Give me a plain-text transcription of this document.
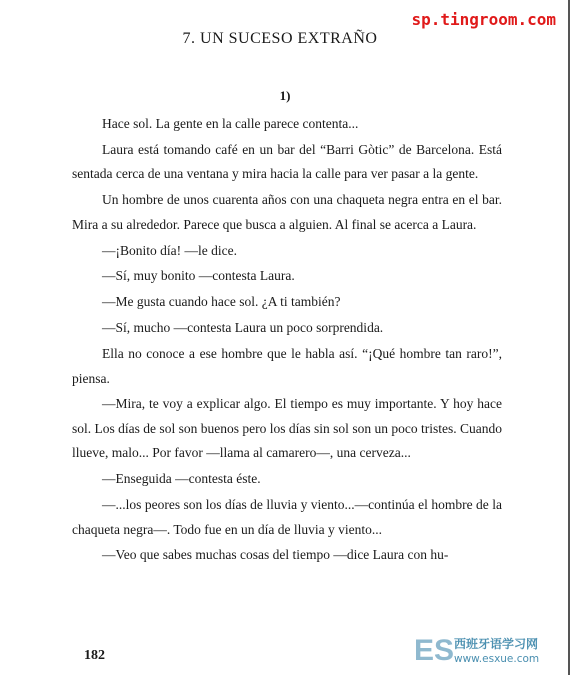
7. UN SUCESO EXTRAÑO
sp.tingroom.com
1)

Hace sol. La gente en la calle parece contenta...

Laura está tomando café en un bar del “Barri Gòtic” de Barcelona. Está sentada cerca de una ventana y mira hacia la calle para ver pasar a la gente.

Un hombre de unos cuarenta años con una chaqueta negra entra en el bar. Mira a su alrededor. Parece que busca a alguien. Al final se acerca a Laura.

—¡Bonito día! —le dice.

—Sí, muy bonito —contesta Laura.

—Me gusta cuando hace sol. ¿A ti también?

—Sí, mucho —contesta Laura un poco sorprendida.

Ella no conoce a ese hombre que le habla así. “¡Qué hombre tan raro!”, piensa.

—Mira, te voy a explicar algo. El tiempo es muy importante. Y hoy hace sol. Los días de sol son buenos pero los días sin sol son un poco tristes. Cuando llueve, malo... Por favor —llama al camarero—, una cerveza...

—Enseguida —contesta éste.

—...los peores son los días de lluvia y viento...—continúa el hombre de la chaqueta negra—. Todo fue en un día de lluvia y viento...

—Veo que sabes muchas cosas del tiempo —dice Laura con hu-

182	ES 西班牙语学习网
www.esxue.com
